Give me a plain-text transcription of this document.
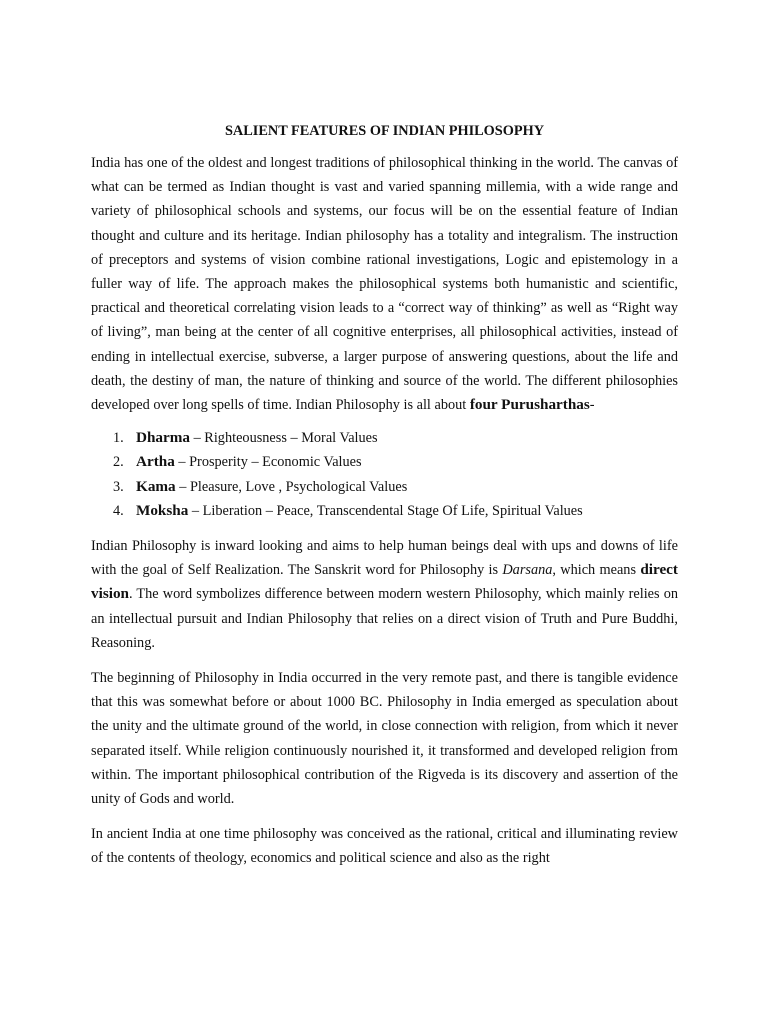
SALIENT FEATURES OF INDIAN PHILOSOPHY

India has one of the oldest and longest traditions of philosophical thinking in the world. The canvas of what can be termed as Indian thought is vast and varied spanning millemia, with a wide range and variety of philosophical schools and systems, our focus will be on the essential feature of Indian thought and culture and its heritage. Indian philosophy has a totality and integralism. The instruction of preceptors and systems of vision combine rational investigations, Logic and epistemology in a fuller way of life. The approach makes the philosophical systems both humanistic and scientific, practical and theoretical correlating vision leads to a “correct way of thinking” as well as “Right way of living”, man being at the center of all cognitive enterprises, all philosophical activities, instead of ending in intellectual exercise, subverse, a larger purpose of answering questions, about the life and death, the destiny of man, the nature of thinking and source of the world. The different philosophies developed over long spells of time. Indian Philosophy is all about four Purusharthas-

1. Dharma – Righteousness – Moral Values
2. Artha – Prosperity – Economic Values
3. Kama – Pleasure, Love , Psychological Values
4. Moksha – Liberation – Peace, Transcendental Stage Of Life, Spiritual Values

Indian Philosophy is inward looking and aims to help human beings deal with ups and downs of life with the goal of Self Realization. The Sanskrit word for Philosophy is Darsana, which means direct vision. The word symbolizes difference between modern western Philosophy, which mainly relies on an intellectual pursuit and Indian Philosophy that relies on a direct vision of Truth and Pure Buddhi, Reasoning.

The beginning of Philosophy in India occurred in the very remote past, and there is tangible evidence that this was somewhat before or about 1000 BC. Philosophy in India emerged as speculation about the unity and the ultimate ground of the world, in close connection with religion, from which it never separated itself. While religion continuously nourished it, it transformed and developed religion from within. The important philosophical contribution of the Rigveda is its discovery and assertion of the unity of Gods and world.

In ancient India at one time philosophy was conceived as the rational, critical and illuminating review of the contents of theology, economics and political science and also as the right
